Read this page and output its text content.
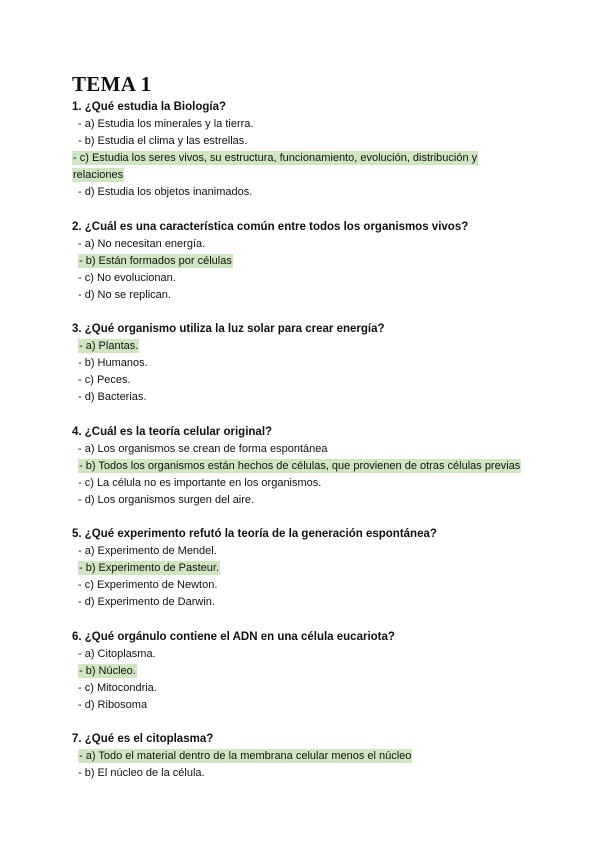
TEMA 1
1. ¿Qué estudia la Biología?
- a) Estudia los minerales y la tierra.
- b) Estudia el clima y las estrellas.
- c) Estudia los seres vivos, su estructura, funcionamiento, evolución, distribución y relaciones
- d) Estudia los objetos inanimados.
2. ¿Cuál es una característica común entre todos los organismos vivos?
- a) No necesitan energía.
- b) Están formados por células
- c) No evolucionan.
- d) No se replican.
3. ¿Qué organismo utiliza la luz solar para crear energía?
- a) Plantas.
- b) Humanos.
- c) Peces.
- d) Bacterias.
4. ¿Cuál es la teoría celular original?
- a) Los organismos se crean de forma espontánea
- b) Todos los organismos están hechos de células, que provienen de otras células previas
- c) La célula no es importante en los organismos.
- d) Los organismos surgen del aire.
5. ¿Qué experimento refutó la teoría de la generación espontánea?
- a) Experimento de Mendel.
- b) Experimento de Pasteur.
- c) Experimento de Newton.
- d) Experimento de Darwin.
6. ¿Qué orgánulo contiene el ADN en una célula eucariota?
- a) Citoplasma.
- b) Núcleo.
- c) Mitocondria.
- d) Ribosoma
7. ¿Qué es el citoplasma?
- a) Todo el material dentro de la membrana celular menos el núcleo
- b) El núcleo de la célula.
